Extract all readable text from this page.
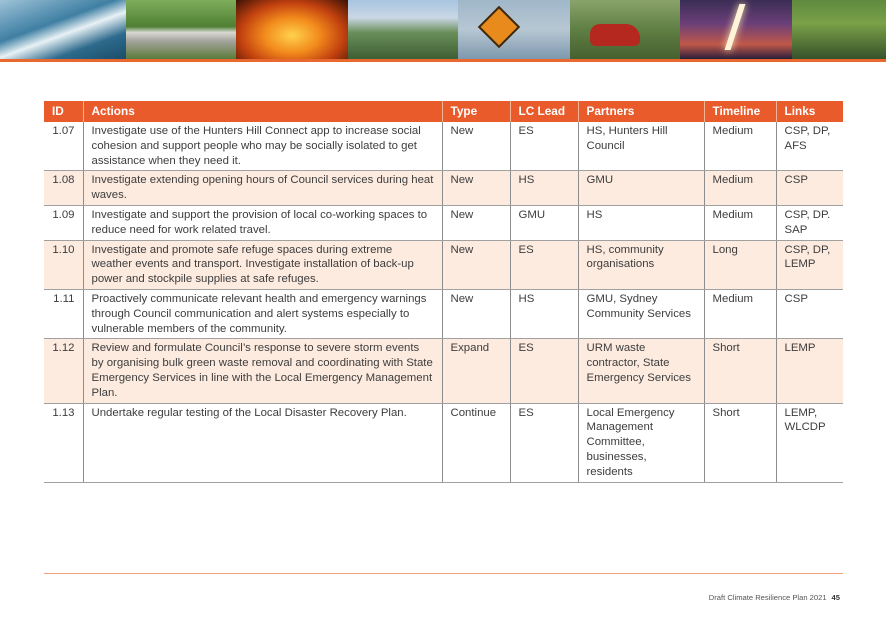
ID	Actions	Type	LC Lead	Partners	Timeline	Links
1.07	Investigate use of the Hunters Hill Connect app to increase social cohesion and support people who may be socially isolated to get assistance when they need it.	New	ES	HS, Hunters Hill Council	Medium	CSP, DP, AFS
1.08	Investigate extending opening hours of Council services during heat waves.	New	HS	GMU	Medium	CSP
1.09	Investigate and support the provision of local co-working spaces to reduce need for work related travel.	New	GMU	HS	Medium	CSP, DP. SAP
1.10	Investigate and promote safe refuge spaces during extreme weather events and transport. Investigate installation of back-up power and stockpile supplies at safe refuges.	New	ES	HS, community organisations	Long	CSP, DP, LEMP
1.11	Proactively communicate relevant health and emergency warnings through Council communication and alert systems especially to vulnerable members of the community.	New	HS	GMU, Sydney Community Services	Medium	CSP
1.12	Review and formulate Council’s response to severe storm events by organising bulk green waste removal and coordinating with State Emergency Services in line with the Local Emergency Management Plan.	Expand	ES	URM waste contractor, State Emergency Services	Short	LEMP
1.13	Undertake regular testing of the Local Disaster Recovery Plan.	Continue	ES	Local Emergency Management Committee, businesses, residents	Short	LEMP, WLCDP
Draft Climate Resilience Plan 2021 45
